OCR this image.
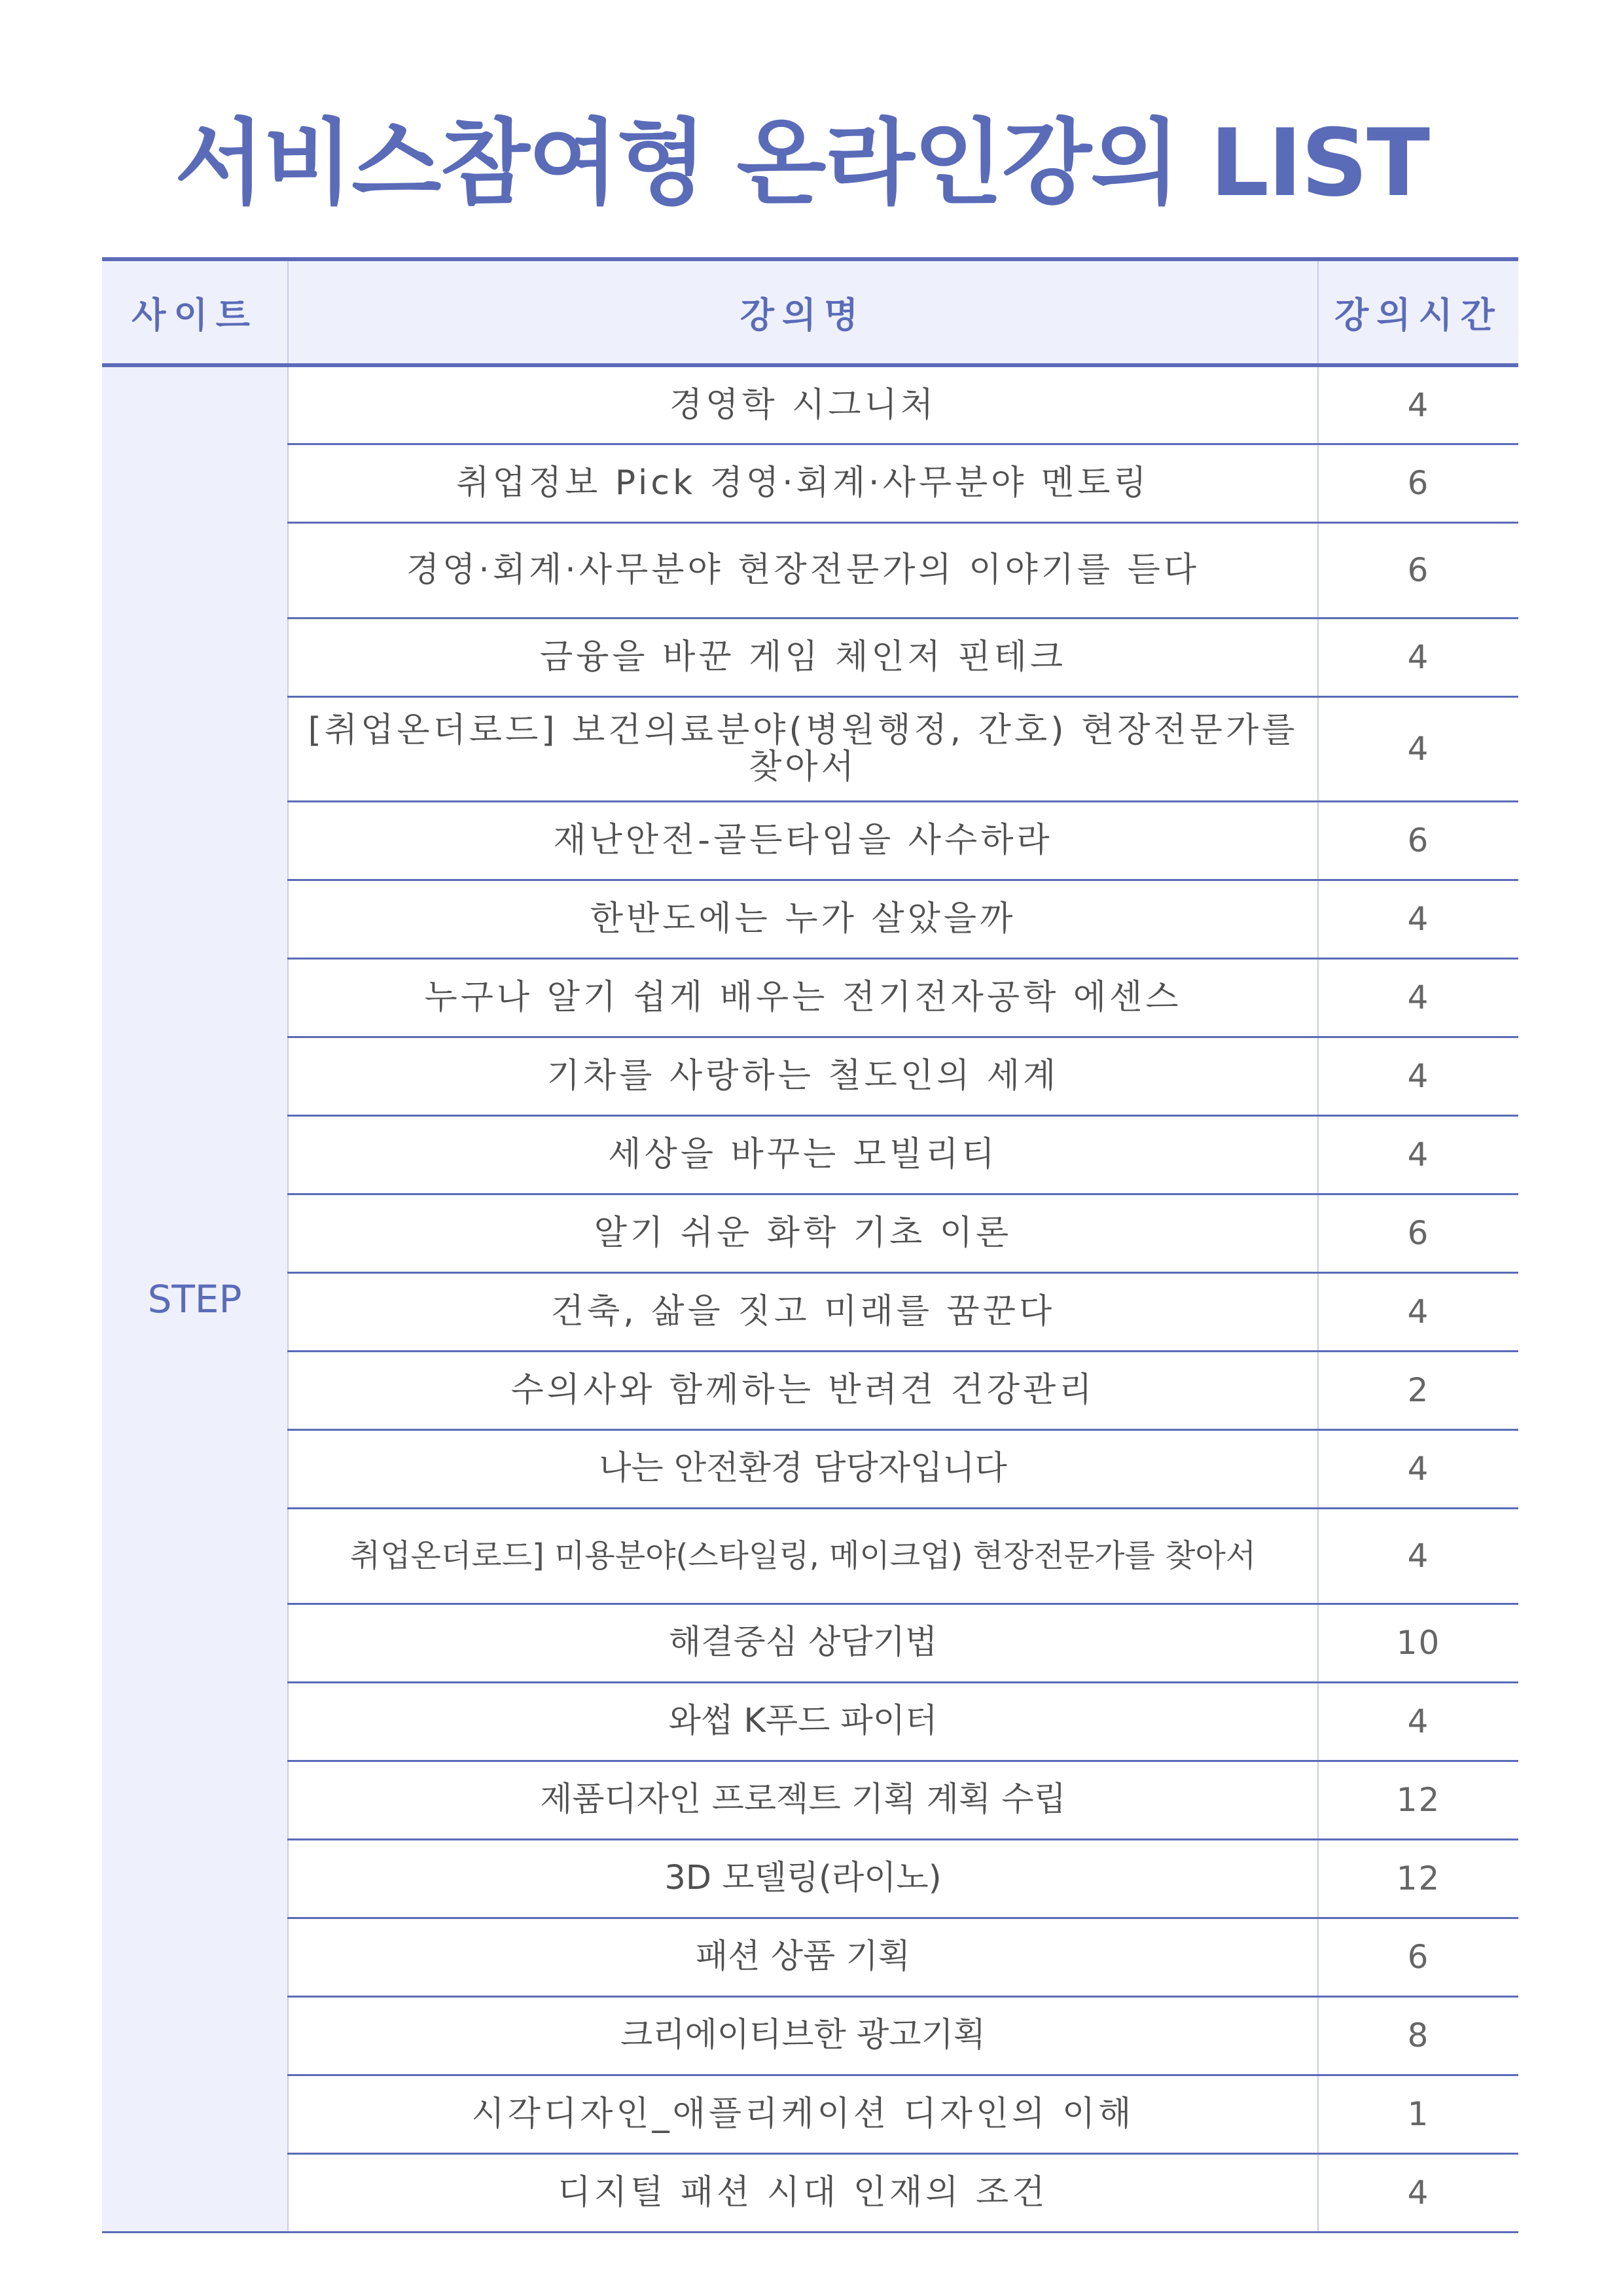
서비스참여형 온라인강의 LIST
사이트	강의명	강의시간
STEP	경영학 시그니처	4
	취업정보 Pick 경영·회계·사무분야 멘토링	6
	경영·회계·사무분야 현장전문가의 이야기를 듣다	6
	금융을 바꾼 게임 체인저 핀테크	4
	[취업온더로드] 보건의료분야(병원행정, 간호) 현장전문가를 찾아서	4
	재난안전-골든타임을 사수하라	6
	한반도에는 누가 살았을까	4
	누구나 알기 쉽게 배우는 전기전자공학 에센스	4
	기차를 사랑하는 철도인의 세계	4
	세상을 바꾸는 모빌리티	4
	알기 쉬운 화학 기초 이론	6
	건축, 삶을 짓고 미래를 꿈꾼다	4
	수의사와 함께하는 반려견 건강관리	2
	나는 안전환경 담당자입니다	4
	취업온더로드] 미용분야(스타일링, 메이크업) 현장전문가를 찾아서	4
	해결중심 상담기법	10
	와썹 K푸드 파이터	4
	제품디자인 프로젝트 기획 계획 수립	12
	3D 모델링(라이노)	12
	패션 상품 기획	6
	크리에이티브한 광고기획	8
	시각디자인_애플리케이션 디자인의 이해	1
	디지털 패션 시대 인재의 조건	4
